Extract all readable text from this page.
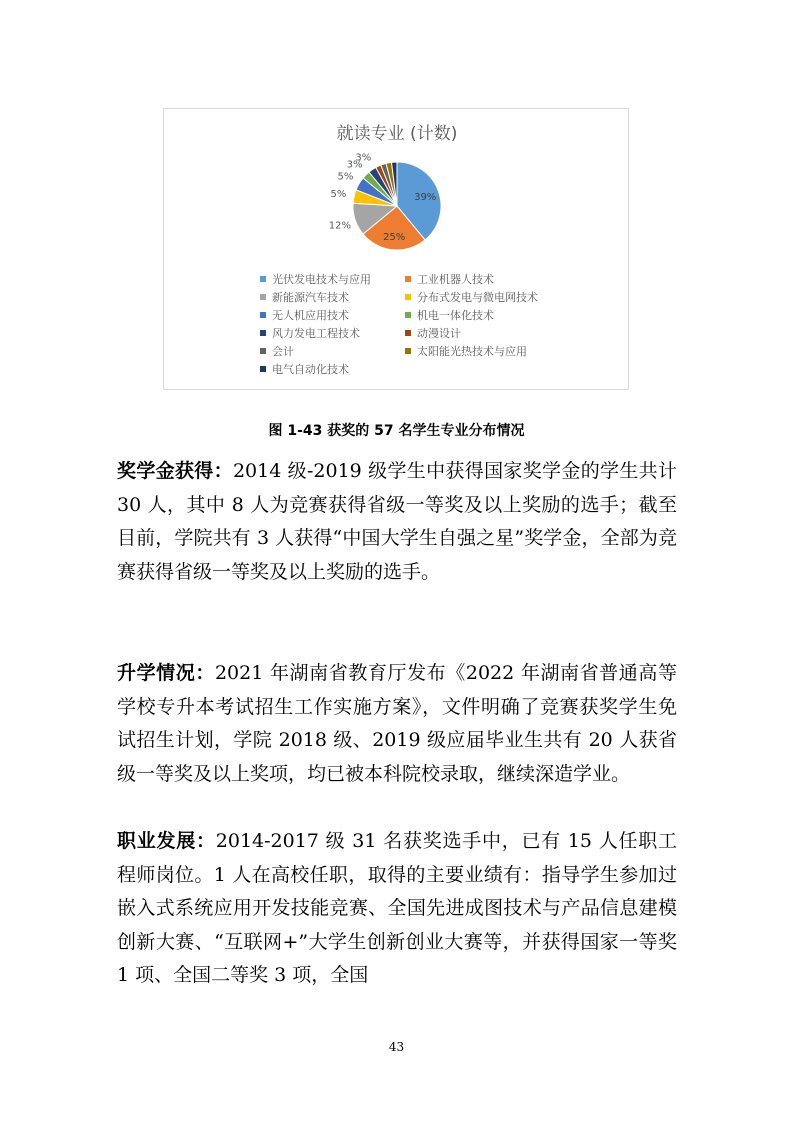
就读专业 (计数)
39%
25%
12%
5%
5%
3%
3%
光伏发电技术与应用	工业机器人技术
新能源汽车技术	分布式发电与微电网技术
无人机应用技术	机电一体化技术
风力发电工程技术	动漫设计
会计	太阳能光热技术与应用
电气自动化技术
图 1-43 获奖的 57 名学生专业分布情况

奖学金获得：2014 级-2019 级学生中获得国家奖学金的学生共计 30 人，其中 8 人为竞赛获得省级一等奖及以上奖励的选手；截至目前，学院共有 3 人获得“中国大学生自强之星”奖学金，全部为竞赛获得省级一等奖及以上奖励的选手。

升学情况：2021 年湖南省教育厅发布《2022 年湖南省普通高等学校专升本考试招生工作实施方案》，文件明确了竞赛获奖学生免试招生计划，学院 2018 级、2019 级应届毕业生共有 20 人获省级一等奖及以上奖项，均已被本科院校录取，继续深造学业。

职业发展：2014-2017 级 31 名获奖选手中，已有 15 人任职工程师岗位。1 人在高校任职，取得的主要业绩有：指导学生参加过嵌入式系统应用开发技能竞赛、全国先进成图技术与产品信息建模创新大赛、“互联网+”大学生创新创业大赛等，并获得国家一等奖 1 项、全国二等奖 3 项，全国

43
